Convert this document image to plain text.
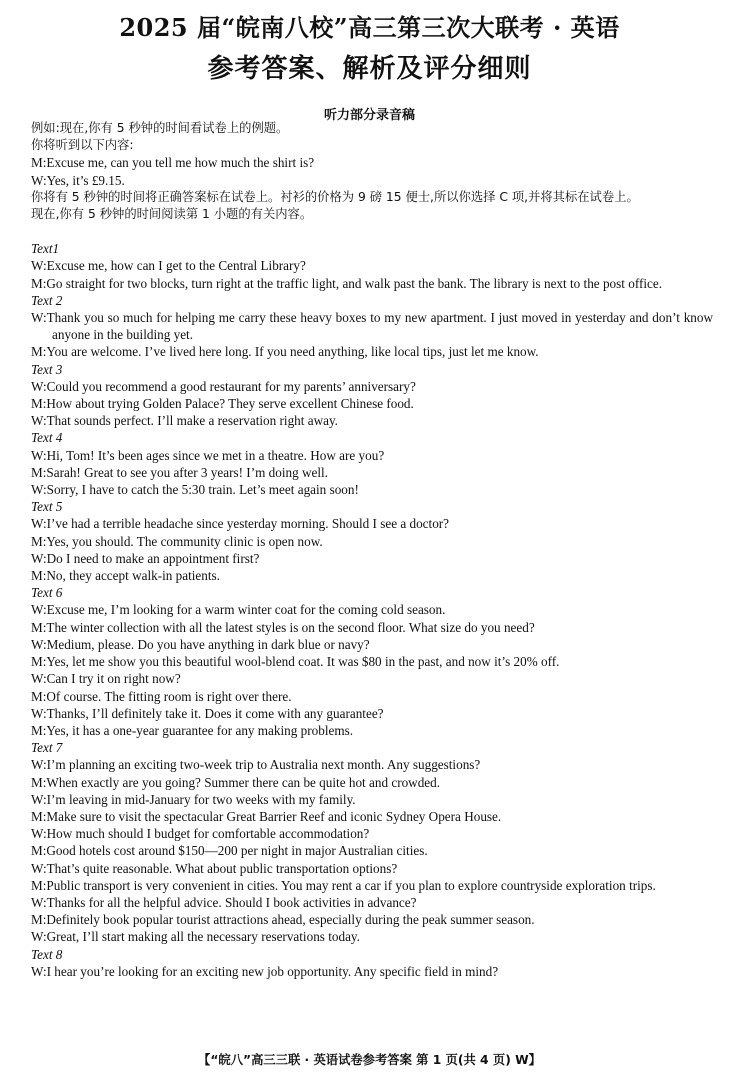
2025 届“皖南八校”高三第三次大联考 · 英语
参考答案、解析及评分细则
听力部分录音稿
例如:现在,你有 5 秒钟的时间看试卷上的例题。
你将听到以下内容:
M:Excuse me, can you tell me how much the shirt is?
W:Yes, it’s £9.15.
你将有 5 秒钟的时间将正确答案标在试卷上。衬衫的价格为 9 磅 15 便士,所以你选择 C 项,并将其标在试卷上。
现在,你有 5 秒钟的时间阅读第 1 小题的有关内容。
Text1
W:Excuse me, how can I get to the Central Library?
M:Go straight for two blocks, turn right at the traffic light, and walk past the bank. The library is next to the post office.
Text 2
W:Thank you so much for helping me carry these heavy boxes to my new apartment. I just moved in yesterday and don’t know anyone in the building yet.
M:You are welcome. I’ve lived here long. If you need anything, like local tips, just let me know.
Text 3
W:Could you recommend a good restaurant for my parents’ anniversary?
M:How about trying Golden Palace? They serve excellent Chinese food.
W:That sounds perfect. I’ll make a reservation right away.
Text 4
W:Hi, Tom! It’s been ages since we met in a theatre. How are you?
M:Sarah! Great to see you after 3 years! I’m doing well.
W:Sorry, I have to catch the 5:30 train. Let’s meet again soon!
Text 5
W:I’ve had a terrible headache since yesterday morning. Should I see a doctor?
M:Yes, you should. The community clinic is open now.
W:Do I need to make an appointment first?
M:No, they accept walk-in patients.
Text 6
W:Excuse me, I’m looking for a warm winter coat for the coming cold season.
M:The winter collection with all the latest styles is on the second floor. What size do you need?
W:Medium, please. Do you have anything in dark blue or navy?
M:Yes, let me show you this beautiful wool-blend coat. It was $80 in the past, and now it’s 20% off.
W:Can I try it on right now?
M:Of course. The fitting room is right over there.
W:Thanks, I’ll definitely take it. Does it come with any guarantee?
M:Yes, it has a one-year guarantee for any making problems.
Text 7
W:I’m planning an exciting two-week trip to Australia next month. Any suggestions?
M:When exactly are you going? Summer there can be quite hot and crowded.
W:I’m leaving in mid-January for two weeks with my family.
M:Make sure to visit the spectacular Great Barrier Reef and iconic Sydney Opera House.
W:How much should I budget for comfortable accommodation?
M:Good hotels cost around $150—200 per night in major Australian cities.
W:That’s quite reasonable. What about public transportation options?
M:Public transport is very convenient in cities. You may rent a car if you plan to explore countryside exploration trips.
W:Thanks for all the helpful advice. Should I book activities in advance?
M:Definitely book popular tourist attractions ahead, especially during the peak summer season.
W:Great, I’ll start making all the necessary reservations today.
Text 8
W:I hear you’re looking for an exciting new job opportunity. Any specific field in mind?
【“皖八”高三三联 · 英语试卷参考答案 第 1 页(共 4 页) W】
